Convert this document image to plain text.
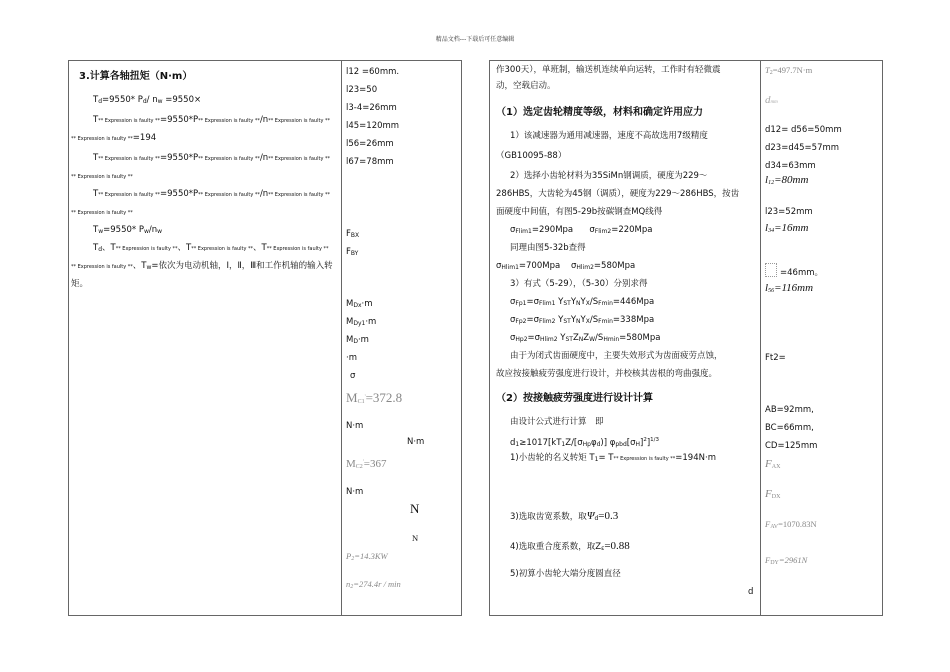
精品文档---下载后可任意编辑
3.计算各轴扭矩（N·m）
Td=9550* Pd/ nw =9550×
T** Expression is faulty **=9550*P** Expression is faulty **/n** Expression is faulty **
** Expression is faulty **=194
T** Expression is faulty **=9550*P** Expression is faulty **/n** Expression is faulty **
** Expression is faulty **
T** Expression is faulty **=9550*P** Expression is faulty **/n** Expression is faulty **
** Expression is faulty **
Tw=9550* Pw/nw
Td、T** Expression is faulty **、T** Expression is faulty **、T** Expression is faulty **
** Expression is faulty **、Tw=依次为电动机轴，Ⅰ，Ⅱ，Ⅲ和工作机轴的输入转
矩。
l12 =60mm.
l23=50
l3-4=26mm
l45=120mm
l56=26mm
l67=78mm
FBX
FBY
MDx·m
MDy1·m
MD·m
·m
σ
MC1'=372.8
N·m
N·m
MC2'=367
N·m
N
N
P2=14.3KW
n2=274.4r / min
作300天），单班制，输送机连续单向运转，工作时有轻微震
动，空载启动。
（1）选定齿轮精度等级，材料和确定许用应力
1）该减速器为通用减速器，速度不高故选用7级精度
（GB10095-88）
2）选择小齿轮材料为35SiMn钢调质，硬度为229～
286HBS，大齿轮为45钢（调质），硬度为229～286HBS，按齿
面硬度中间值，有图5-29b按碳钢查MQ线得
σFlim1=290Mpa σFlim2=220Mpa
同理由图5-32b查得
σHlim1=700Mpa σHlim2=580Mpa
3）有式（5-29），（5-30）分别求得
σFp1=σFlim1 YSTYNYX/SFmin=446Mpa
σFp2=σFlim2 YSTYNYX/SFmin=338Mpa
σHp2=σHlim2 YSTZNZW/SHmin=580Mpa
由于为闭式齿面硬度中，主要失效形式为齿面疲劳点蚀，
故应按接触疲劳强度进行设计，并校核其齿根的弯曲强度。
（2）按接触疲劳强度进行设计计算
由设计公式进行计算　即
d1≥1017[kT1Z/[σHpφd)] $\varphi pbd[\sigma H]^2]^{1/3}$
1)小齿轮的名义转矩 T1= T** Expression is faulty **=194N·m
3)选取齿宽系数，取Ψd=0.3
4)选取重合度系数，取Zε=0.88
5)初算小齿轮大端分度圆直径
d
T2=497.7N·m
dmm
d12= d56=50mm
d23=d45=57mm
d34=63mm
l12=80mm
l23=52mm
l34=16mm
=46mm。
l56=116mm
Ft2=
AB=92mm,
BC=66mm,
CD=125mm
FAX
FDX
FAV=1070.83N
FDY=2961N
